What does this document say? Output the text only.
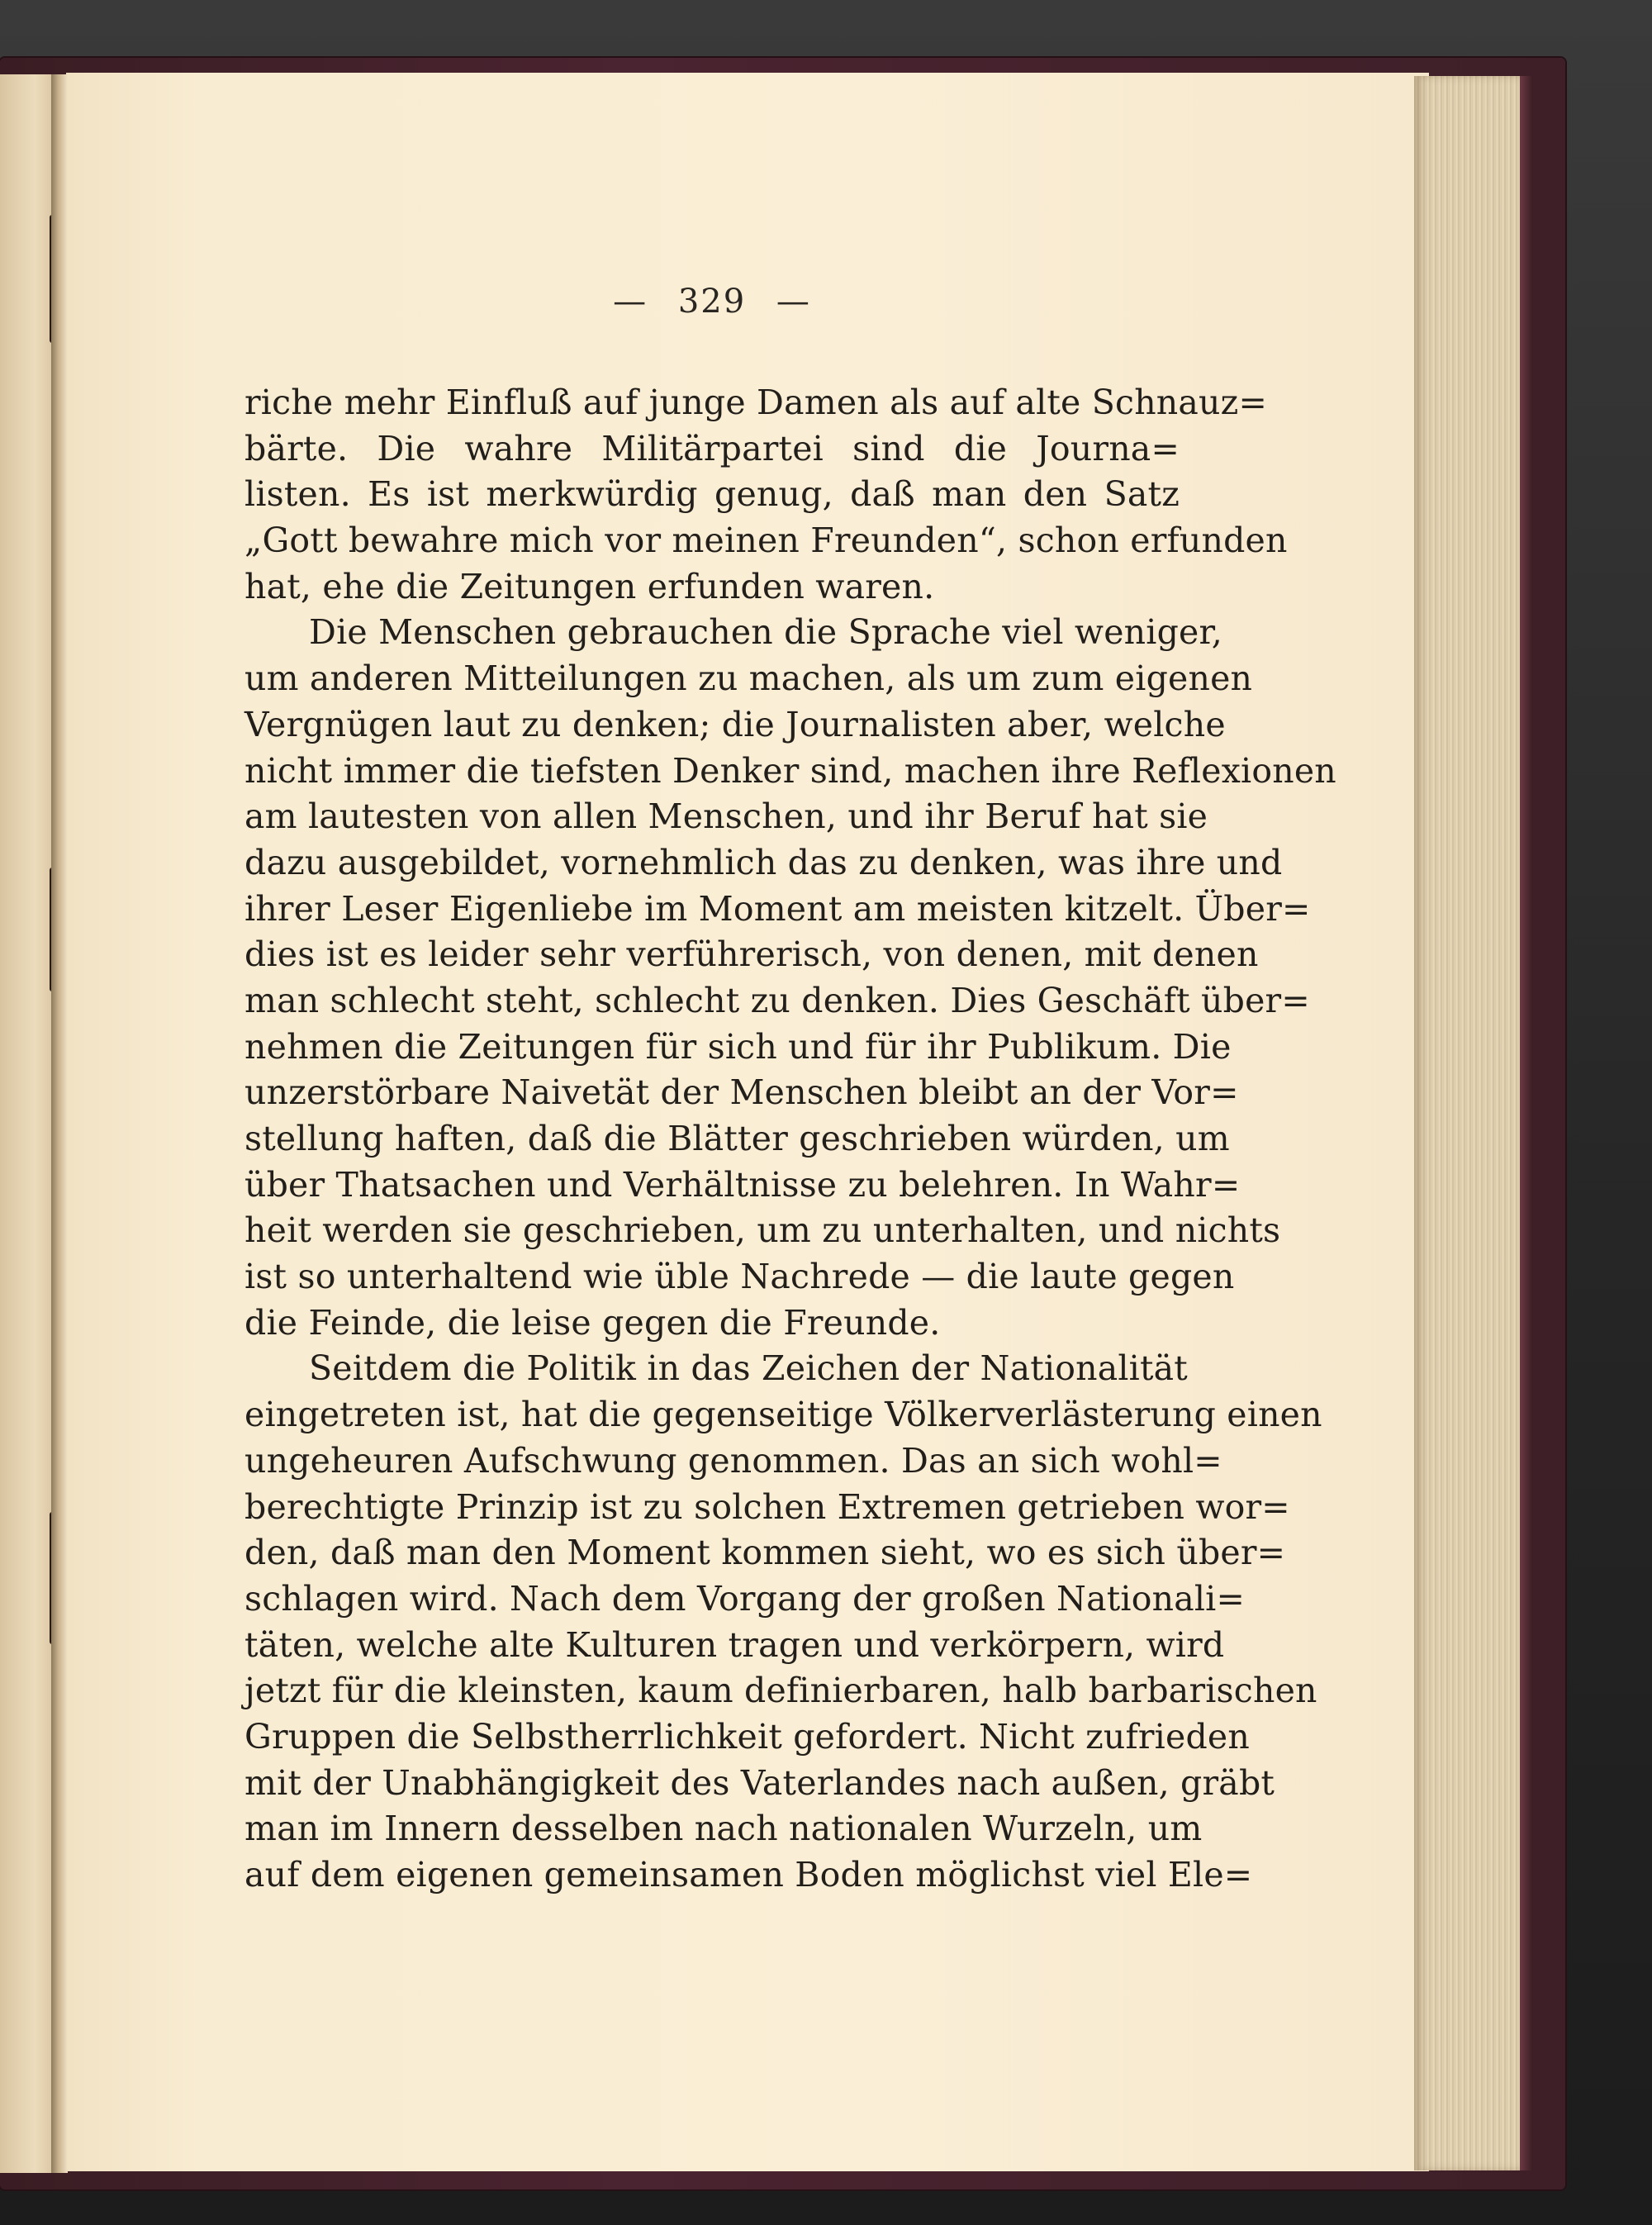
— 329 —
riche mehr Einfluß auf junge Damen als auf alte Schnauz=
bärte. Die wahre Militärpartei sind die Journa=
listen. Es ist merkwürdig genug, daß man den Satz
„Gott bewahre mich vor meinen Freunden“, schon erfunden
hat, ehe die Zeitungen erfunden waren.
Die Menschen gebrauchen die Sprache viel weniger,
um anderen Mitteilungen zu machen, als um zum eigenen
Vergnügen laut zu denken; die Journalisten aber, welche
nicht immer die tiefsten Denker sind, machen ihre Reflexionen
am lautesten von allen Menschen, und ihr Beruf hat sie
dazu ausgebildet, vornehmlich das zu denken, was ihre und
ihrer Leser Eigenliebe im Moment am meisten kitzelt. Über=
dies ist es leider sehr verführerisch, von denen, mit denen
man schlecht steht, schlecht zu denken. Dies Geschäft über=
nehmen die Zeitungen für sich und für ihr Publikum. Die
unzerstörbare Naivetät der Menschen bleibt an der Vor=
stellung haften, daß die Blätter geschrieben würden, um
über Thatsachen und Verhältnisse zu belehren. In Wahr=
heit werden sie geschrieben, um zu unterhalten, und nichts
ist so unterhaltend wie üble Nachrede — die laute gegen
die Feinde, die leise gegen die Freunde.
Seitdem die Politik in das Zeichen der Nationalität
eingetreten ist, hat die gegenseitige Völkerverlästerung einen
ungeheuren Aufschwung genommen. Das an sich wohl=
berechtigte Prinzip ist zu solchen Extremen getrieben wor=
den, daß man den Moment kommen sieht, wo es sich über=
schlagen wird. Nach dem Vorgang der großen Nationali=
täten, welche alte Kulturen tragen und verkörpern, wird
jetzt für die kleinsten, kaum definierbaren, halb barbarischen
Gruppen die Selbstherrlichkeit gefordert. Nicht zufrieden
mit der Unabhängigkeit des Vaterlandes nach außen, gräbt
man im Innern desselben nach nationalen Wurzeln, um
auf dem eigenen gemeinsamen Boden möglichst viel Ele=
